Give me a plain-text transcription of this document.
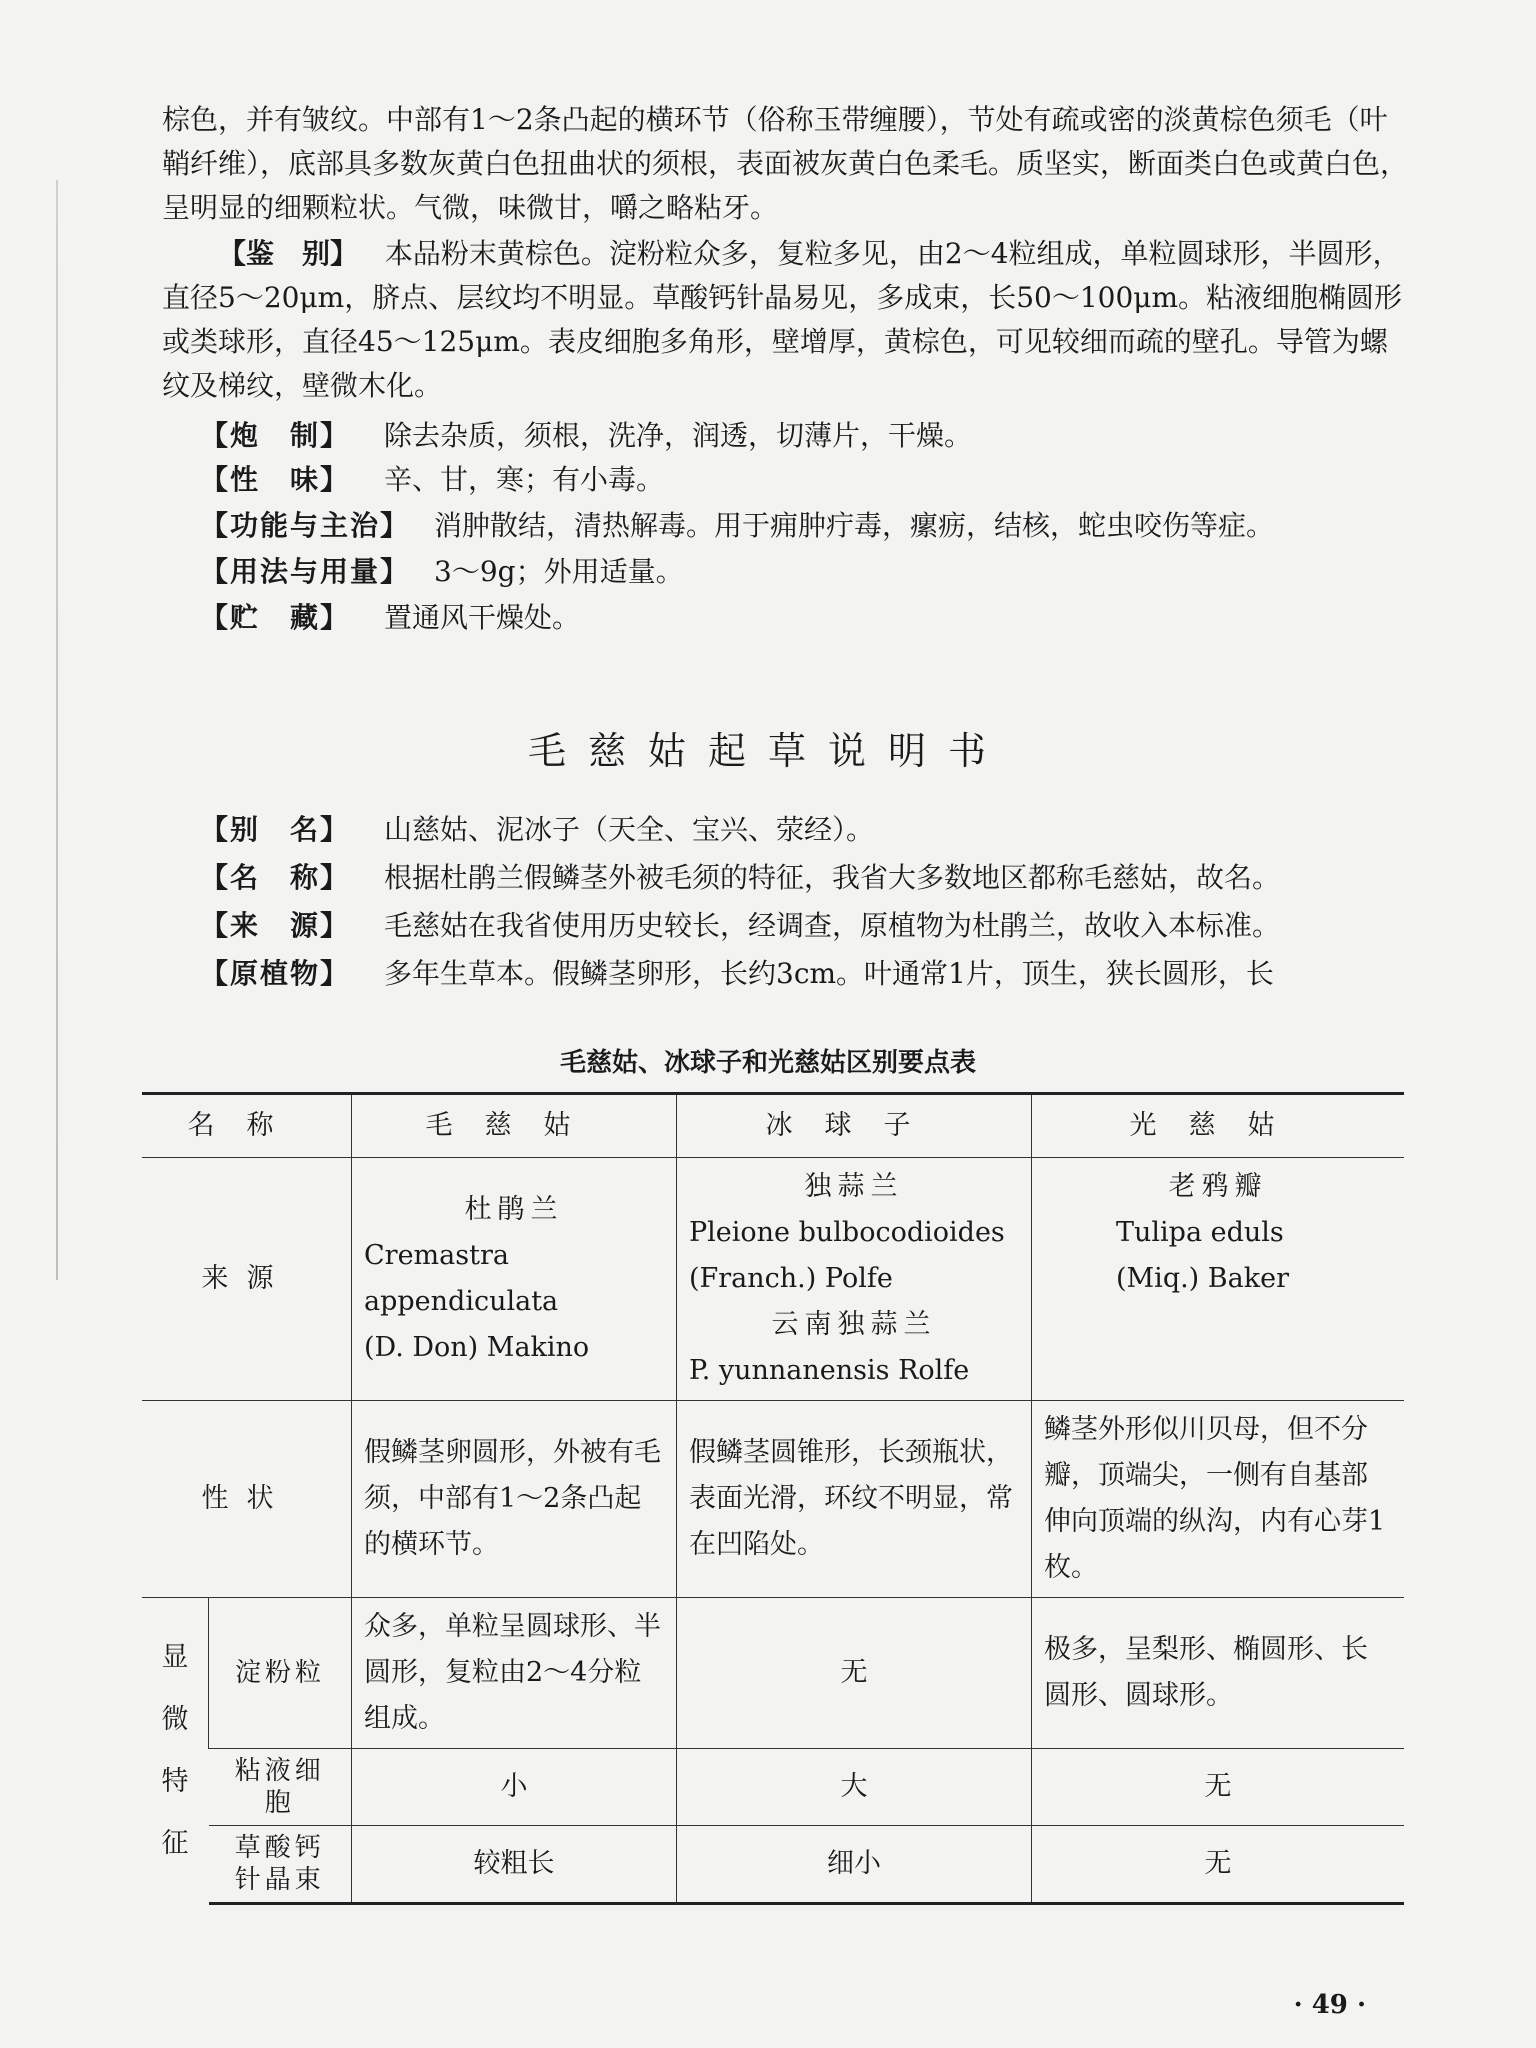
棕色，并有皱纹。中部有1～2条凸起的横环节（俗称玉带缠腰），节处有疏或密的淡黄棕色须毛（叶鞘纤维），底部具多数灰黄白色扭曲状的须根，表面被灰黄白色柔毛。质坚实，断面类白色或黄白色，呈明显的细颗粒状。气微，味微甘，嚼之略粘牙。
【鉴　别】 本品粉末黄棕色。淀粉粒众多，复粒多见，由2～4粒组成，单粒圆球形，半圆形，直径5～20μm，脐点、层纹均不明显。草酸钙针晶易见，多成束，长50～100μm。粘液细胞椭圆形或类球形，直径45～125μm。表皮细胞多角形，壁增厚，黄棕色，可见较细而疏的壁孔。导管为螺纹及梯纹，壁微木化。
【炮　制】 除去杂质，须根，洗净，润透，切薄片，干燥。
【性　味】 辛、甘，寒；有小毒。
【功能与主治】 消肿散结，清热解毒。用于痈肿疔毒，瘰疬，结核，蛇虫咬伤等症。
【用法与用量】 3～9g；外用适量。
【贮　藏】 置通风干燥处。
毛慈姑起草说明书
【别　名】 山慈姑、泥冰子（天全、宝兴、荥经）。
【名　称】 根据杜鹃兰假鳞茎外被毛须的特征，我省大多数地区都称毛慈姑，故名。
【来　源】 毛慈姑在我省使用历史较长，经调查，原植物为杜鹃兰，故收入本标准。
【原植物】 多年生草本。假鳞茎卵形，长约3cm。叶通常1片，顶生，狭长圆形，长
毛慈姑、冰球子和光慈姑区别要点表
名称		毛慈姑	冰球子	光慈姑
来源		杜鹃兰
Cremastra
appendiculata
(D. Don) Makino	独蒜兰
Pleione bulbocodioides
(Franch.) Polfe
云南独蒜兰
P. yunnanensis Rolfe	老鸦瓣
Tulipa eduls
(Miq.) Baker

性状		假鳞茎卵圆形，外被有毛须，中部有1～2条凸起的横环节。	假鳞茎圆锥形，长颈瓶状，表面光滑，环纹不明显，常在凹陷处。	鳞茎外形似川贝母，但不分瓣，顶端尖，一侧有自基部伸向顶端的纵沟，内有心芽1枚。
显微特征	淀粉粒	众多，单粒呈圆球形、半圆形，复粒由2～4分粒组成。	无	极多，呈梨形、椭圆形、长圆形、圆球形。
	粘液细胞	小	大	无
	草酸钙针晶束	较粗长	细小	无
· 49 ·
